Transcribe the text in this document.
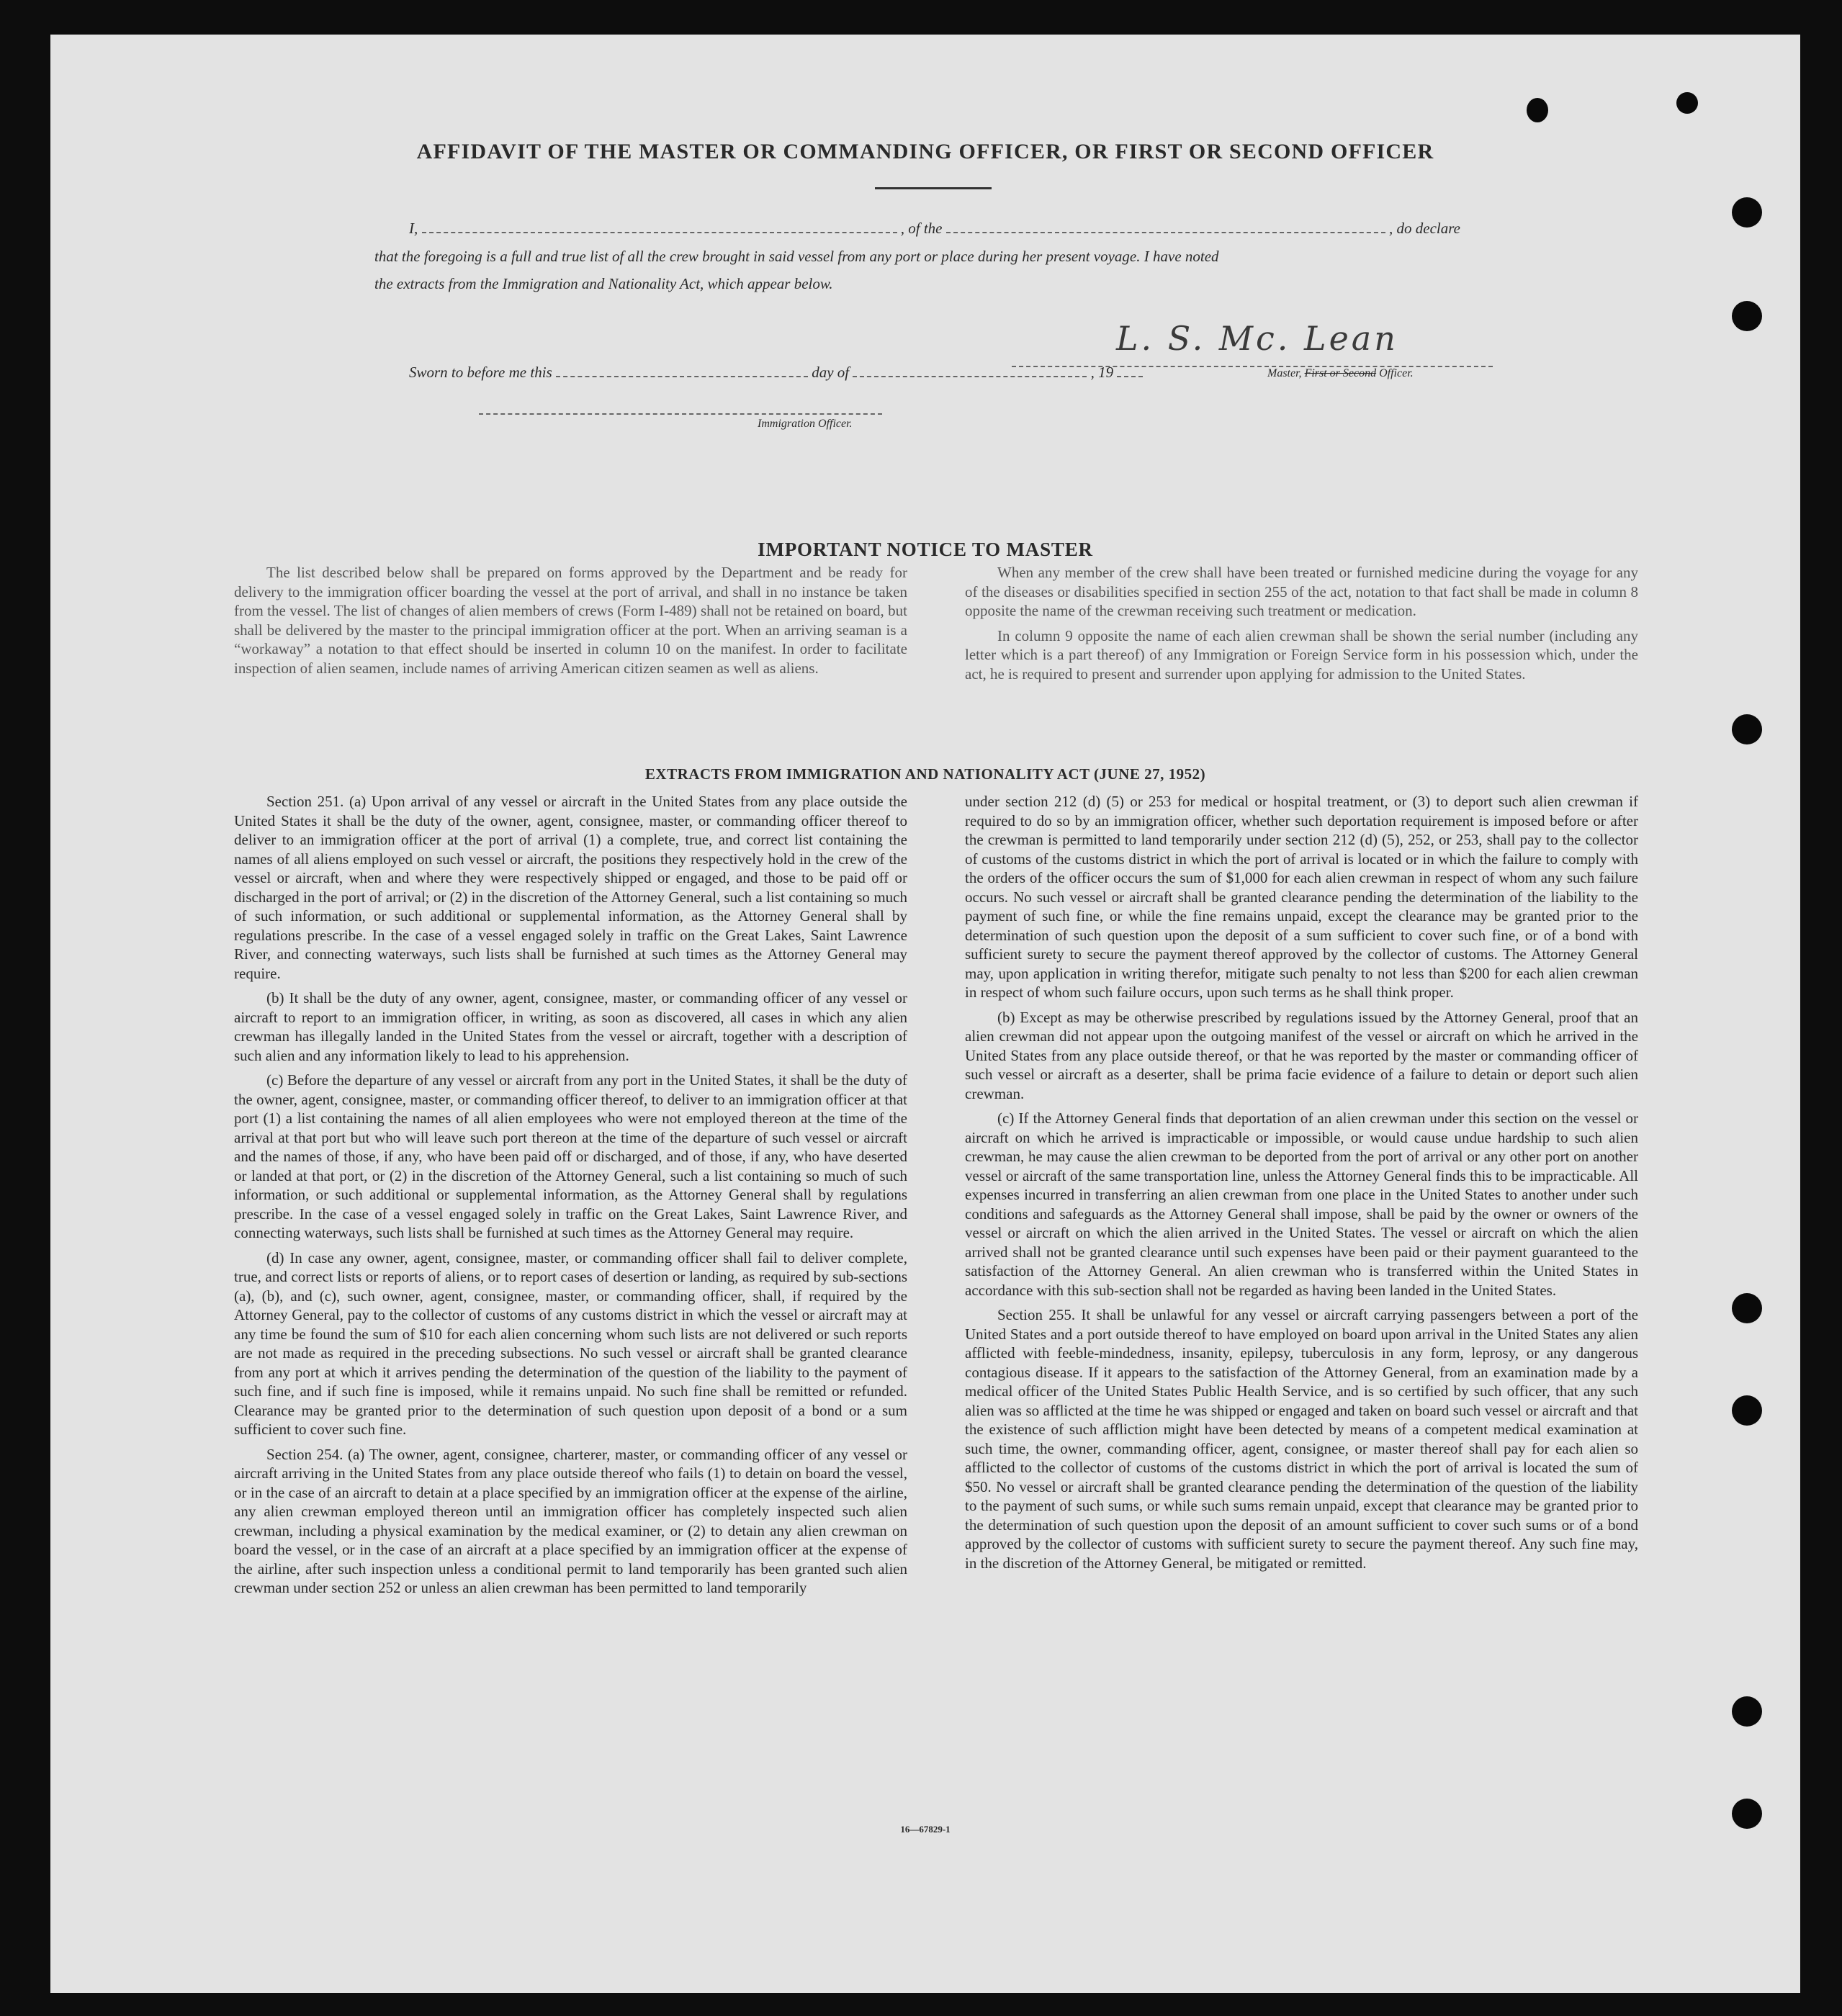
AFFIDAVIT OF THE MASTER OR COMMANDING OFFICER, OR FIRST OR SECOND OFFICER
I,	, of the	, do declare
that the foregoing is a full and true list of all the crew brought in said vessel from any port or place during her present voyage. I have noted
the extracts from the Immigration and Nationality Act, which appear below.
L. S. Mc. Lean
Master, First or Second Officer.
Sworn to before me this	day of	, 19
Immigration Officer.
IMPORTANT NOTICE TO MASTER

The list described below shall be prepared on forms approved by the Department and be ready for delivery to the immigration officer boarding the vessel at the port of arrival, and shall in no instance be taken from the vessel. The list of changes of alien members of crews (Form I-489) shall not be retained on board, but shall be delivered by the master to the principal immigration officer at the port. When an arriving seaman is a “workaway” a notation to that effect should be inserted in column 10 on the manifest. In order to facilitate inspection of alien seamen, include names of arriving American citizen seamen as well as aliens.

When any member of the crew shall have been treated or furnished medicine during the voyage for any of the diseases or disabilities specified in section 255 of the act, notation to that fact shall be made in column 8 opposite the name of the crewman receiving such treatment or medication.

In column 9 opposite the name of each alien crewman shall be shown the serial number (including any letter which is a part thereof) of any Immigration or Foreign Service form in his possession which, under the act, he is required to present and surrender upon applying for admission to the United States.

EXTRACTS FROM IMMIGRATION AND NATIONALITY ACT (JUNE 27, 1952)

Section 251. (a) Upon arrival of any vessel or aircraft in the United States from any place outside the United States it shall be the duty of the owner, agent, consignee, master, or commanding officer thereof to deliver to an immigration officer at the port of arrival (1) a complete, true, and correct list containing the names of all aliens employed on such vessel or aircraft, the positions they respectively hold in the crew of the vessel or aircraft, when and where they were respectively shipped or engaged, and those to be paid off or discharged in the port of arrival; or (2) in the discretion of the Attorney General, such a list containing so much of such information, or such additional or supplemental information, as the Attorney General shall by regulations prescribe. In the case of a vessel engaged solely in traffic on the Great Lakes, Saint Lawrence River, and connecting waterways, such lists shall be furnished at such times as the Attorney General may require.

(b) It shall be the duty of any owner, agent, consignee, master, or commanding officer of any vessel or aircraft to report to an immigration officer, in writing, as soon as discovered, all cases in which any alien crewman has illegally landed in the United States from the vessel or aircraft, together with a description of such alien and any information likely to lead to his apprehension.

(c) Before the departure of any vessel or aircraft from any port in the United States, it shall be the duty of the owner, agent, consignee, master, or commanding officer thereof, to deliver to an immigration officer at that port (1) a list containing the names of all alien employees who were not employed thereon at the time of the arrival at that port but who will leave such port thereon at the time of the departure of such vessel or aircraft and the names of those, if any, who have been paid off or discharged, and of those, if any, who have deserted or landed at that port, or (2) in the discretion of the Attorney General, such a list containing so much of such information, or such additional or supplemental information, as the Attorney General shall by regulations prescribe. In the case of a vessel engaged solely in traffic on the Great Lakes, Saint Lawrence River, and connecting waterways, such lists shall be furnished at such times as the Attorney General may require.

(d) In case any owner, agent, consignee, master, or commanding officer shall fail to deliver complete, true, and correct lists or reports of aliens, or to report cases of desertion or landing, as required by sub-sections (a), (b), and (c), such owner, agent, consignee, master, or commanding officer, shall, if required by the Attorney General, pay to the collector of customs of any customs district in which the vessel or aircraft may at any time be found the sum of $10 for each alien concerning whom such lists are not delivered or such reports are not made as required in the preceding subsections. No such vessel or aircraft shall be granted clearance from any port at which it arrives pending the determination of the question of the liability to the payment of such fine, and if such fine is imposed, while it remains unpaid. No such fine shall be remitted or refunded. Clearance may be granted prior to the determination of such question upon deposit of a bond or a sum sufficient to cover such fine.

Section 254. (a) The owner, agent, consignee, charterer, master, or commanding officer of any vessel or aircraft arriving in the United States from any place outside thereof who fails (1) to detain on board the vessel, or in the case of an aircraft to detain at a place specified by an immigration officer at the expense of the airline, any alien crewman employed thereon until an immigration officer has completely inspected such alien crewman, including a physical examination by the medical examiner, or (2) to detain any alien crewman on board the vessel, or in the case of an aircraft at a place specified by an immigration officer at the expense of the airline, after such inspection unless a conditional permit to land temporarily has been granted such alien crewman under section 252 or unless an alien crewman has been permitted to land temporarily

under section 212 (d) (5) or 253 for medical or hospital treatment, or (3) to deport such alien crewman if required to do so by an immigration officer, whether such deportation requirement is imposed before or after the crewman is permitted to land temporarily under section 212 (d) (5), 252, or 253, shall pay to the collector of customs of the customs district in which the port of arrival is located or in which the failure to comply with the orders of the officer occurs the sum of $1,000 for each alien crewman in respect of whom any such failure occurs. No such vessel or aircraft shall be granted clearance pending the determination of the liability to the payment of such fine, or while the fine remains unpaid, except the clearance may be granted prior to the determination of such question upon the deposit of a sum sufficient to cover such fine, or of a bond with sufficient surety to secure the payment thereof approved by the collector of customs. The Attorney General may, upon application in writing therefor, mitigate such penalty to not less than $200 for each alien crewman in respect of whom such failure occurs, upon such terms as he shall think proper.

(b) Except as may be otherwise prescribed by regulations issued by the Attorney General, proof that an alien crewman did not appear upon the outgoing manifest of the vessel or aircraft on which he arrived in the United States from any place outside thereof, or that he was reported by the master or commanding officer of such vessel or aircraft as a deserter, shall be prima facie evidence of a failure to detain or deport such alien crewman.

(c) If the Attorney General finds that deportation of an alien crewman under this section on the vessel or aircraft on which he arrived is impracticable or impossible, or would cause undue hardship to such alien crewman, he may cause the alien crewman to be deported from the port of arrival or any other port on another vessel or aircraft of the same transportation line, unless the Attorney General finds this to be impracticable. All expenses incurred in transferring an alien crewman from one place in the United States to another under such conditions and safeguards as the Attorney General shall impose, shall be paid by the owner or owners of the vessel or aircraft on which the alien arrived in the United States. The vessel or aircraft on which the alien arrived shall not be granted clearance until such expenses have been paid or their payment guaranteed to the satisfaction of the Attorney General. An alien crewman who is transferred within the United States in accordance with this sub-section shall not be regarded as having been landed in the United States.

Section 255. It shall be unlawful for any vessel or aircraft carrying passengers between a port of the United States and a port outside thereof to have employed on board upon arrival in the United States any alien afflicted with feeble-mindedness, insanity, epilepsy, tuberculosis in any form, leprosy, or any dangerous contagious disease. If it appears to the satisfaction of the Attorney General, from an examination made by a medical officer of the United States Public Health Service, and is so certified by such officer, that any such alien was so afflicted at the time he was shipped or engaged and taken on board such vessel or aircraft and that the existence of such affliction might have been detected by means of a competent medical examination at such time, the owner, commanding officer, agent, consignee, or master thereof shall pay for each alien so afflicted to the collector of customs of the customs district in which the port of arrival is located the sum of $50. No vessel or aircraft shall be granted clearance pending the determination of the question of the liability to the payment of such sums, or while such sums remain unpaid, except that clearance may be granted prior to the determination of such question upon the deposit of an amount sufficient to cover such sums or of a bond approved by the collector of customs with sufficient surety to secure the payment thereof. Any such fine may, in the discretion of the Attorney General, be mitigated or remitted.

16—67829-1
